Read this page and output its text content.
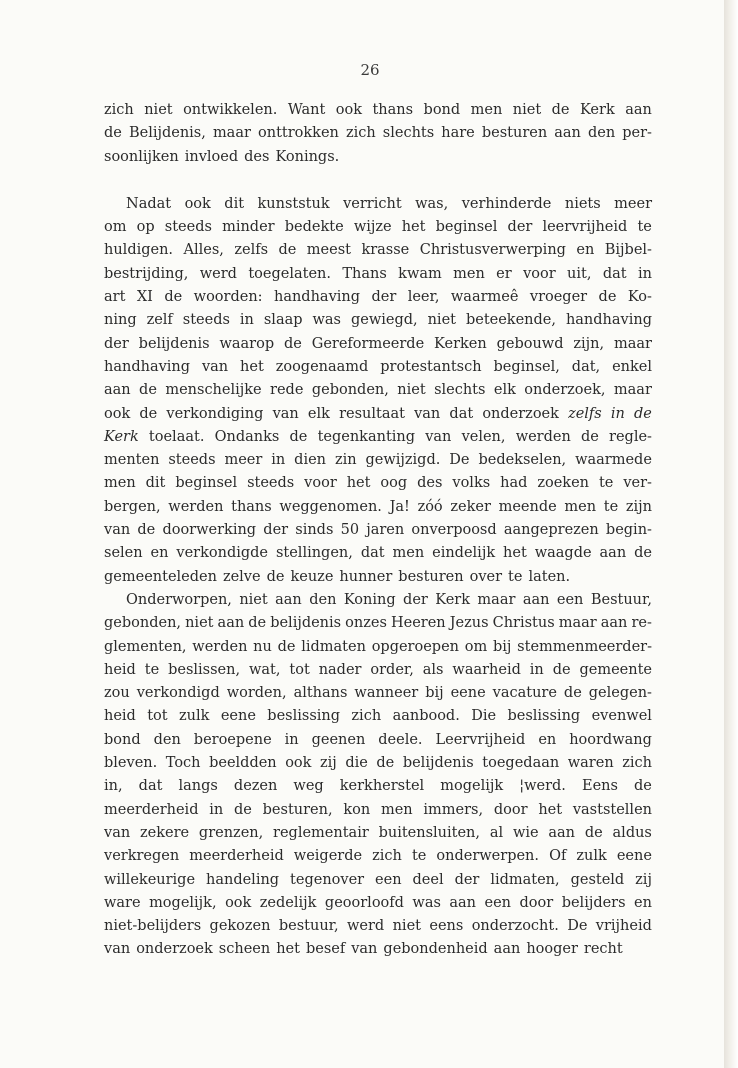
26
zich niet ontwikkelen. Want ook thans bond men niet de Kerk aan
de Belijdenis, maar onttrokken zich slechts hare besturen aan den per-
soonlijken invloed des Konings.
Nadat ook dit kunststuk verricht was, verhinderde niets meer
om op steeds minder bedekte wijze het beginsel der leervrijheid te
huldigen. Alles, zelfs de meest krasse Christusverwerping en Bijbel-
bestrijding, werd toegelaten. Thans kwam men er voor uit, dat in
art XI de woorden: handhaving der leer, waarmeê vroeger de Ko-
ning zelf steeds in slaap was gewiegd, niet beteekende, handhaving
der belijdenis waarop de Gereformeerde Kerken gebouwd zijn, maar
handhaving van het zoogenaamd protestantsch beginsel, dat, enkel
aan de menschelijke rede gebonden, niet slechts elk onderzoek, maar
ook de verkondiging van elk resultaat van dat onderzoek zelfs in de
Kerk toelaat. Ondanks de tegenkanting van velen, werden de regle-
menten steeds meer in dien zin gewijzigd. De bedekselen, waarmede
men dit beginsel steeds voor het oog des volks had zoeken te ver-
bergen, werden thans weggenomen. Ja! zóó zeker meende men te zijn
van de doorwerking der sinds 50 jaren onverpoosd aangeprezen begin-
selen en verkondigde stellingen, dat men eindelijk het waagde aan de
gemeenteleden zelve de keuze hunner besturen over te laten.
Onderworpen, niet aan den Koning der Kerk maar aan een Bestuur,
gebonden, niet aan de belijdenis onzes Heeren Jezus Christus maar aan re-
glementen, werden nu de lidmaten opgeroepen om bij stemmenmeerder-
heid te beslissen, wat, tot nader order, als waarheid in de gemeente
zou verkondigd worden, althans wanneer bij eene vacature de gelegen-
heid tot zulk eene beslissing zich aanbood. Die beslissing evenwel
bond den beroepene in geenen deele. Leervrijheid en hoordwang
bleven. Toch beeldden ook zij die de belijdenis toegedaan waren zich
in, dat langs dezen weg kerkherstel mogelijk ¦werd. Eens de
meerderheid in de besturen, kon men immers, door het vaststellen
van zekere grenzen, reglementair buitensluiten, al wie aan de aldus
verkregen meerderheid weigerde zich te onderwerpen. Of zulk eene
willekeurige handeling tegenover een deel der lidmaten, gesteld zij
ware mogelijk, ook zedelijk geoorloofd was aan een door belijders en
niet-belijders gekozen bestuur, werd niet eens onderzocht. De vrijheid
van onderzoek scheen het besef van gebondenheid aan hooger recht
